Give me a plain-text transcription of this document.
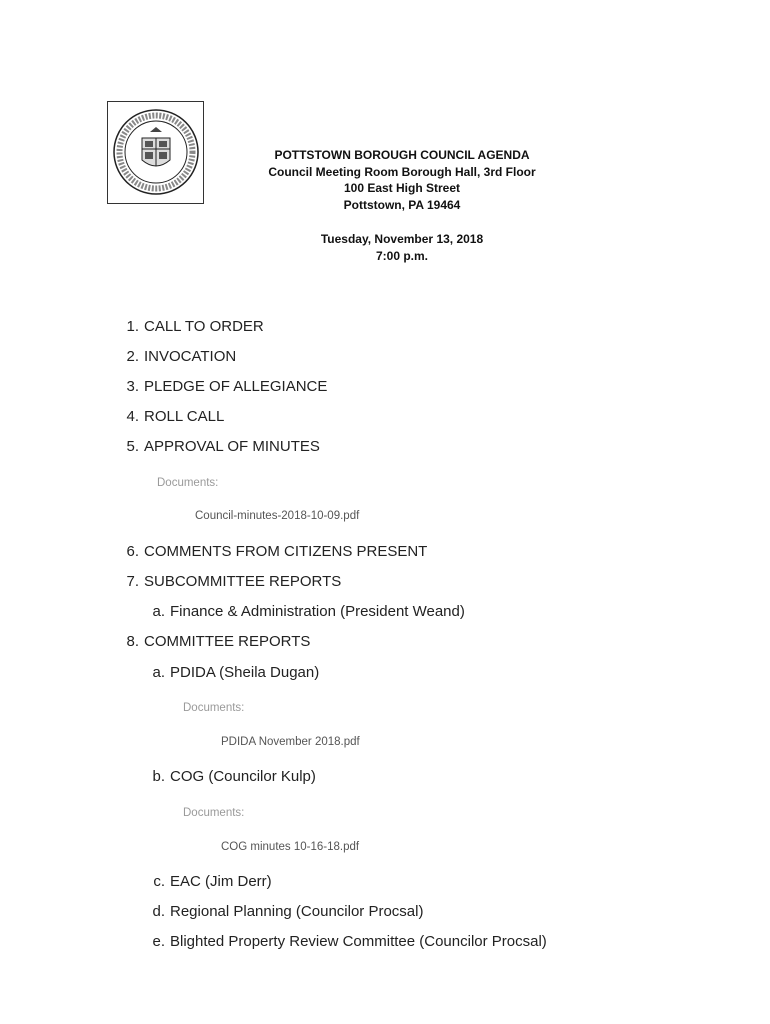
POTTSTOWN BOROUGH COUNCIL AGENDA
Council Meeting Room Borough Hall, 3rd Floor
100 East High Street
Pottstown, PA 19464
Tuesday, November 13, 2018
7:00 p.m.
1. CALL TO ORDER
2. INVOCATION
3. PLEDGE OF ALLEGIANCE
4. ROLL CALL
5. APPROVAL OF MINUTES
Documents:
Council-minutes-2018-10-09.pdf
6. COMMENTS FROM CITIZENS PRESENT
7. SUBCOMMITTEE REPORTS
a. Finance & Administration (President Weand)
8. COMMITTEE REPORTS
a. PDIDA (Sheila Dugan)
Documents:
PDIDA November 2018.pdf
b. COG (Councilor Kulp)
Documents:
COG minutes 10-16-18.pdf
c. EAC (Jim Derr)
d. Regional Planning (Councilor Procsal)
e. Blighted Property Review Committee (Councilor Procsal)
